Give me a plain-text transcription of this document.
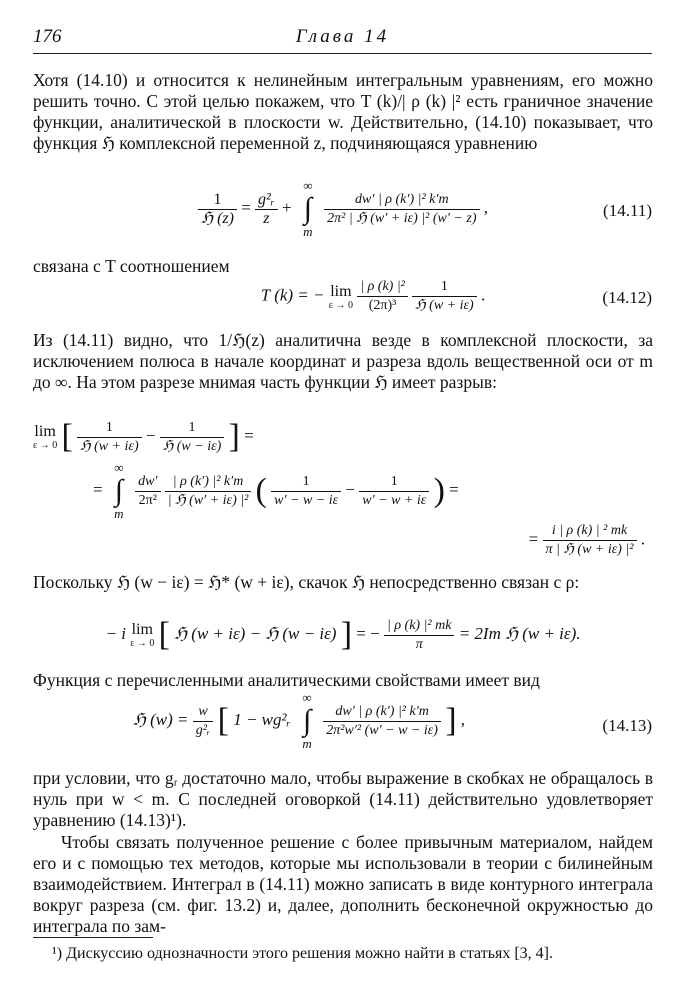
176	Глава 14
Хотя (14.10) и относится к нелинейным интегральным уравнениям, его можно решить точно. С этой целью покажем, что T (k)/| ρ (k) |² есть граничное значение функции, аналитической в плоскости w. Действительно, (14.10) показывает, что функция ℌ комплексной переменной z, подчиняющаяся уравнению
$\frac{1}{\text{ℌ (z)}} = \frac{\text{g²ᵣ}}{z}$ +
∞
∫
m

$\frac{\text{dw′ | ρ (k′) |² k′m}}{\text{2π² | ℌ (w′ + iε) |² (w′ − z)}}$ ,	(14.11)
связана с T соотношением
T (k) = − lim
ε → 0
$\frac{\text{| ρ (k) |²}}{\text{(2π)³}}$
$\frac{1}{\text{ℌ (w + iε)}}$ .	(14.12)
Из (14.11) видно, что 1/ℌ(z) аналитична везде в комплексной плоскости, за исключением полюса в начале координат и разреза вдоль вещественной оси от m до ∞. На этом разрезе мнимая часть функции ℌ имеет разрыв:
lim
ε → 0 [ $\frac{1}{\text{ℌ (w + iε)}} - \frac{1}{\text{ℌ (w − iε)}}$ ] =
=
∞
∫
m

$\frac{dw'}{\text{2π²}}$
$\frac{\text{| ρ (k′) |² k′m}}{\text{| ℌ (w′ + iε) |²}}$ ( $\frac{1}{w' - w - i\varepsilon} - \frac{1}{w' - w + i\varepsilon}$ ) =
= $\frac{\text{i | ρ (k) | ² mk}}{\text{π | ℌ (w + iε) |²}}$ .
Поскольку ℌ (w − iε) = ℌ* (w + iε), скачок ℌ непосредственно связан с ρ:
− i lim
ε → 0 [ ℌ (w + iε) − ℌ (w − iε) ] = − $\frac{\text{| ρ (k) |² mk}}{\pi} = 2Im$ ℌ (w + iε).
Функция с перечисленными аналитическими свойствами имеет вид
ℌ $(w) = \frac{w}{\text{g²ᵣ}}$ [ 1 − wg²ᵣ
∞
∫
m

$\frac{\text{dw′ | ρ (k′) |² k′m}}{\text{2π²w′² (w′ − w − iε)}}$ ] ,	(14.13)
при условии, что gᵣ достаточно мало, чтобы выражение в скобках не обращалось в нуль при w < m. С последней оговоркой (14.11) действительно удовлетворяет уравнению (14.13)¹).
Чтобы связать полученное решение с более привычным материалом, найдем его и с помощью тех методов, которые мы использовали в теории с билинейным взаимодействием. Интеграл в (14.11) можно записать в виде контурного интеграла вокруг разреза (см. фиг. 13.2) и, далее, дополнить бесконечной окружностью до интеграла по зам-
¹) Дискуссию однозначности этого решения можно найти в статьях [3, 4].
